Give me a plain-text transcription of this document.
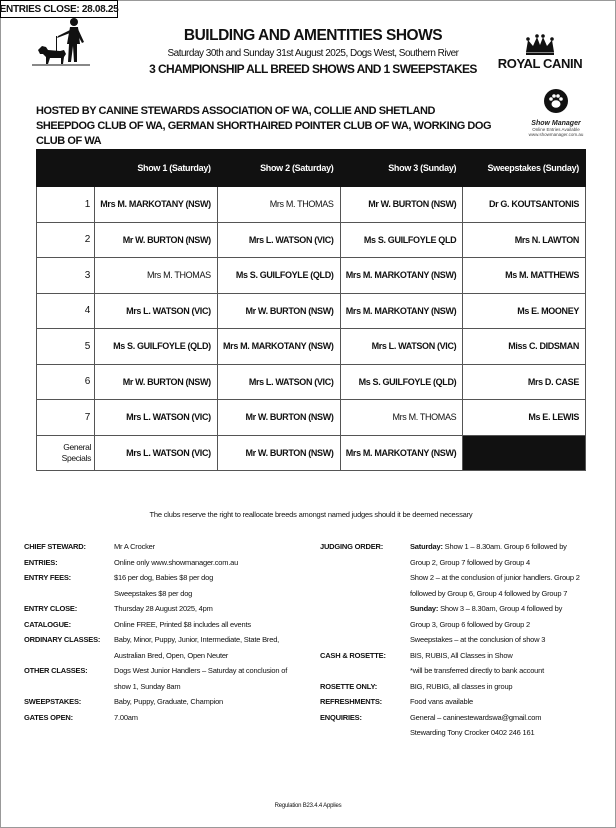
ENTRIES CLOSE: 28.08.25
BUILDING AND AMENTITIES SHOWS
Saturday 30th and Sunday 31st August 2025, Dogs West, Southern River
3 CHAMPIONSHIP ALL BREED SHOWS AND 1 SWEEPSTAKES	ROYAL CANIN
HOSTED BY CANINE STEWARDS ASSOCIATION OF WA, COLLIE AND SHETLAND SHEEPDOG CLUB OF WA, GERMAN SHORTHAIRED POINTER CLUB OF WA, WORKING DOG CLUB OF WA
Show Manager
Online Entries Available
www.showmanager.com.au
	Show 1 (Saturday)	Show 2 (Saturday)	Show 3 (Sunday)	Sweepstakes (Sunday)
1	Mrs M. MARKOTANY (NSW)	Mrs M. THOMAS	Mr W. BURTON (NSW)	Dr G. KOUTSANTONIS
2	Mr W. BURTON (NSW)	Mrs L. WATSON (VIC)	Ms S. GUILFOYLE QLD	Mrs N. LAWTON
3	Mrs M. THOMAS	Ms S. GUILFOYLE (QLD)	Mrs M. MARKOTANY (NSW)	Ms M. MATTHEWS
4	Mrs L. WATSON (VIC)	Mr W. BURTON (NSW)	Mrs M. MARKOTANY (NSW)	Ms E. MOONEY
5	Ms S. GUILFOYLE (QLD)	Mrs M. MARKOTANY (NSW)	Mrs L. WATSON (VIC)	Miss C. DIDSMAN
6	Mr W. BURTON (NSW)	Mrs L. WATSON (VIC)	Ms S. GUILFOYLE (QLD)	Mrs D. CASE
7	Mrs L. WATSON (VIC)	Mr W. BURTON (NSW)	Mrs M. THOMAS	Ms E. LEWIS
General
Specials	Mrs L. WATSON (VIC)	Mr W. BURTON (NSW)	Mrs M. MARKOTANY (NSW)	
The clubs reserve the right to reallocate breeds amongst named judges should it be deemed necessary
CHIEF STEWARD:	Mr A Crocker
ENTRIES:	Online only www.showmanager.com.au
ENTRY FEES:	$16 per dog, Babies $8 per dog
Sweepstakes $8 per dog
ENTRY CLOSE:	Thursday 28 August 2025, 4pm
CATALOGUE:	Online FREE, Printed $8 includes all events
ORDINARY CLASSES:	Baby, Minor, Puppy, Junior, Intermediate, State Bred,
Australian Bred, Open, Open Neuter
OTHER CLASSES:	Dogs West Junior Handlers – Saturday at conclusion of
show 1, Sunday 8am
SWEEPSTAKES:	Baby, Puppy, Graduate, Champion
GATES OPEN:	7.00am
JUDGING ORDER:	Saturday: Show 1 – 8.30am. Group 6 followed by
Group 2, Group 7 followed by Group 4
Show 2 – at the conclusion of junior handlers. Group 2
followed by Group 6, Group 4 followed by Group 7
Sunday: Show 3 – 8.30am, Group 4 followed by
Group 3, Group 6 followed by Group 2
Sweepstakes – at the conclusion of show 3
CASH & ROSETTE:	BIS, RUBIS, All Classes in Show
*will be transferred directly to bank account
ROSETTE ONLY:	BIG, RUBIG, all classes in group
REFRESHMENTS:	Food vans available
ENQUIRIES:	General – caninestewardswa@gmail.com
Stewarding Tony Crocker 0402 246 161
Regulation B23.4.4 Applies
